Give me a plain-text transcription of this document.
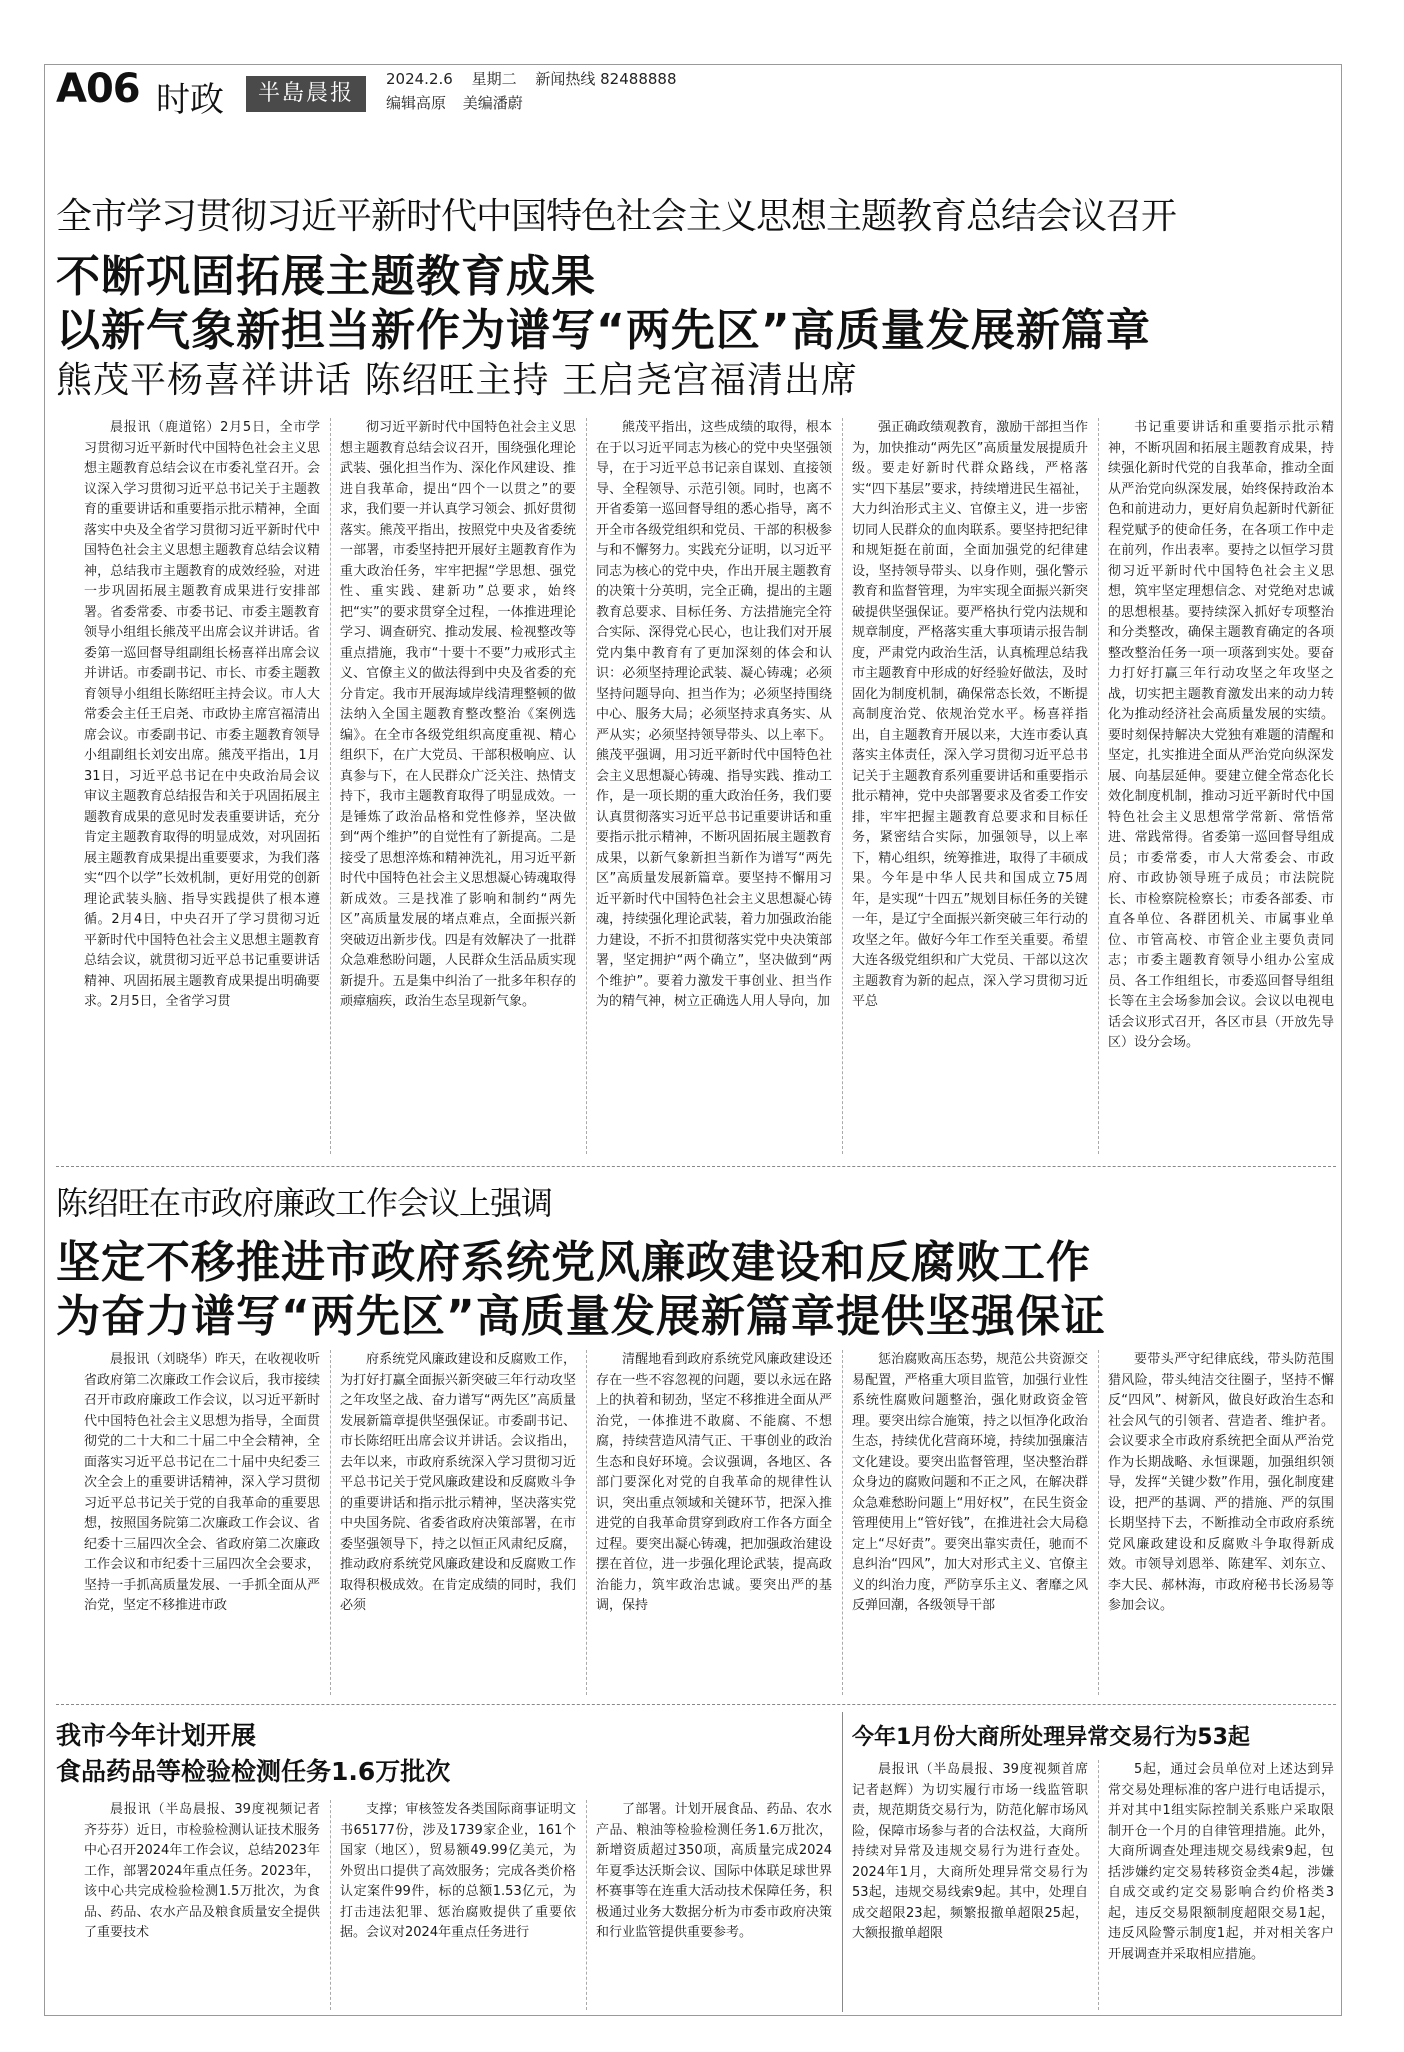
A06 时政	半島晨报
2024.2.6 星期二 新闻热线 82488888
编辑高原 美编潘蔚
全市学习贯彻习近平新时代中国特色社会主义思想主题教育总结会议召开
不断巩固拓展主题教育成果
以新气象新担当新作为谱写“两先区”高质量发展新篇章
熊茂平杨喜祥讲话 陈绍旺主持 王启尧宫福清出席

晨报讯（鹿道铭）2月5日，全市学习贯彻习近平新时代中国特色社会主义思想主题教育总结会议在市委礼堂召开。会议深入学习贯彻习近平总书记关于主题教育的重要讲话和重要指示批示精神，全面落实中央及全省学习贯彻习近平新时代中国特色社会主义思想主题教育总结会议精神，总结我市主题教育的成效经验，对进一步巩固拓展主题教育成果进行安排部署。省委常委、市委书记、市委主题教育领导小组组长熊茂平出席会议并讲话。省委第一巡回督导组副组长杨喜祥出席会议并讲话。市委副书记、市长、市委主题教育领导小组组长陈绍旺主持会议。市人大常委会主任王启尧、市政协主席宫福清出席会议。市委副书记、市委主题教育领导小组副组长刘安出席。熊茂平指出，1月31日，习近平总书记在中央政治局会议审议主题教育总结报告和关于巩固拓展主题教育成果的意见时发表重要讲话，充分肯定主题教育取得的明显成效，对巩固拓展主题教育成果提出重要要求，为我们落实“四个以学”长效机制，更好用党的创新理论武装头脑、指导实践提供了根本遵循。2月4日，中央召开了学习贯彻习近平新时代中国特色社会主义思想主题教育总结会议，就贯彻习近平总书记重要讲话精神、巩固拓展主题教育成果提出明确要求。2月5日，全省学习贯

彻习近平新时代中国特色社会主义思想主题教育总结会议召开，围绕强化理论武装、强化担当作为、深化作风建设、推进自我革命，提出“四个一以贯之”的要求，我们要一并认真学习领会、抓好贯彻落实。熊茂平指出，按照党中央及省委统一部署，市委坚持把开展好主题教育作为重大政治任务，牢牢把握“学思想、强党性、重实践、建新功”总要求，始终把“实”的要求贯穿全过程，一体推进理论学习、调查研究、推动发展、检视整改等重点措施，我市“十要十不要”力戒形式主义、官僚主义的做法得到中央及省委的充分肯定。我市开展海域岸线清理整顿的做法纳入全国主题教育整改整治《案例选编》。在全市各级党组织高度重视、精心组织下，在广大党员、干部积极响应、认真参与下，在人民群众广泛关注、热情支持下，我市主题教育取得了明显成效。一是锤炼了政治品格和党性修养，坚决做到“两个维护”的自觉性有了新提高。二是接受了思想淬炼和精神洗礼，用习近平新时代中国特色社会主义思想凝心铸魂取得新成效。三是找准了影响和制约“两先区”高质量发展的堵点难点，全面振兴新突破迈出新步伐。四是有效解决了一批群众急难愁盼问题，人民群众生活品质实现新提升。五是集中纠治了一批多年积存的顽瘴痼疾，政治生态呈现新气象。

熊茂平指出，这些成绩的取得，根本在于以习近平同志为核心的党中央坚强领导，在于习近平总书记亲自谋划、直接领导、全程领导、示范引领。同时，也离不开省委第一巡回督导组的悉心指导，离不开全市各级党组织和党员、干部的积极参与和不懈努力。实践充分证明，以习近平同志为核心的党中央，作出开展主题教育的决策十分英明，完全正确，提出的主题教育总要求、目标任务、方法措施完全符合实际、深得党心民心，也让我们对开展党内集中教育有了更加深刻的体会和认识：必须坚持理论武装、凝心铸魂；必须坚持问题导向、担当作为；必须坚持围绕中心、服务大局；必须坚持求真务实、从严从实；必须坚持领导带头、以上率下。熊茂平强调，用习近平新时代中国特色社会主义思想凝心铸魂、指导实践、推动工作，是一项长期的重大政治任务，我们要认真贯彻落实习近平总书记重要讲话和重要指示批示精神，不断巩固拓展主题教育成果，以新气象新担当新作为谱写“两先区”高质量发展新篇章。要坚持不懈用习近平新时代中国特色社会主义思想凝心铸魂，持续强化理论武装，着力加强政治能力建设，不折不扣贯彻落实党中央决策部署，坚定拥护“两个确立”，坚决做到“两个维护”。要着力激发干事创业、担当作为的精气神，树立正确选人用人导向，加

强正确政绩观教育，激励干部担当作为，加快推动“两先区”高质量发展提质升级。要走好新时代群众路线，严格落实“四下基层”要求，持续增进民生福祉，大力纠治形式主义、官僚主义，进一步密切同人民群众的血肉联系。要坚持把纪律和规矩挺在前面，全面加强党的纪律建设，坚持领导带头、以身作则，强化警示教育和监督管理，为牢实现全面振兴新突破提供坚强保证。要严格执行党内法规和规章制度，严格落实重大事项请示报告制度，严肃党内政治生活，认真梳理总结我市主题教育中形成的好经验好做法，及时固化为制度机制，确保常态长效，不断提高制度治党、依规治党水平。杨喜祥指出，自主题教育开展以来，大连市委认真落实主体责任，深入学习贯彻习近平总书记关于主题教育系列重要讲话和重要指示批示精神，党中央部署要求及省委工作安排，牢牢把握主题教育总要求和目标任务，紧密结合实际，加强领导，以上率下，精心组织，统筹推进，取得了丰硕成果。今年是中华人民共和国成立75周年，是实现“十四五”规划目标任务的关键一年，是辽宁全面振兴新突破三年行动的攻坚之年。做好今年工作至关重要。希望大连各级党组织和广大党员、干部以这次主题教育为新的起点，深入学习贯彻习近平总

书记重要讲话和重要指示批示精神，不断巩固和拓展主题教育成果，持续强化新时代党的自我革命，推动全面从严治党向纵深发展，始终保持政治本色和前进动力，更好肩负起新时代新征程党赋予的使命任务，在各项工作中走在前列，作出表率。要持之以恒学习贯彻习近平新时代中国特色社会主义思想，筑牢坚定理想信念、对党绝对忠诚的思想根基。要持续深入抓好专项整治和分类整改，确保主题教育确定的各项整改整治任务一项一项落到实处。要奋力打好打赢三年行动攻坚之年攻坚之战，切实把主题教育激发出来的动力转化为推动经济社会高质量发展的实绩。要时刻保持解决大党独有难题的清醒和坚定，扎实推进全面从严治党向纵深发展、向基层延伸。要建立健全常态化长效化制度机制，推动习近平新时代中国特色社会主义思想常学常新、常悟常进、常践常得。省委第一巡回督导组成员；市委常委，市人大常委会、市政府、市政协领导班子成员；市法院院长、市检察院检察长；市委各部委、市直各单位、各群团机关、市属事业单位、市管高校、市管企业主要负责同志；市委主题教育领导小组办公室成员、各工作组组长，市委巡回督导组组长等在主会场参加会议。会议以电视电话会议形式召开，各区市县（开放先导区）设分会场。

陈绍旺在市政府廉政工作会议上强调
坚定不移推进市政府系统党风廉政建设和反腐败工作
为奋力谱写“两先区”高质量发展新篇章提供坚强保证

晨报讯（刘晓华）昨天，在收视收听省政府第二次廉政工作会议后，我市接续召开市政府廉政工作会议，以习近平新时代中国特色社会主义思想为指导，全面贯彻党的二十大和二十届二中全会精神，全面落实习近平总书记在二十届中央纪委三次全会上的重要讲话精神，深入学习贯彻习近平总书记关于党的自我革命的重要思想，按照国务院第二次廉政工作会议、省纪委十三届四次全会、省政府第二次廉政工作会议和市纪委十三届四次全会要求，坚持一手抓高质量发展、一手抓全面从严治党，坚定不移推进市政

府系统党风廉政建设和反腐败工作，为打好打赢全面振兴新突破三年行动攻坚之年攻坚之战、奋力谱写“两先区”高质量发展新篇章提供坚强保证。市委副书记、市长陈绍旺出席会议并讲话。会议指出，去年以来，市政府系统深入学习贯彻习近平总书记关于党风廉政建设和反腐败斗争的重要讲话和指示批示精神，坚决落实党中央国务院、省委省政府决策部署，在市委坚强领导下，持之以恒正风肃纪反腐，推动政府系统党风廉政建设和反腐败工作取得积极成效。在肯定成绩的同时，我们必须

清醒地看到政府系统党风廉政建设还存在一些不容忽视的问题，要以永远在路上的执着和韧劲，坚定不移推进全面从严治党，一体推进不敢腐、不能腐、不想腐，持续营造风清气正、干事创业的政治生态和良好环境。会议强调，各地区、各部门要深化对党的自我革命的规律性认识，突出重点领域和关键环节，把深入推进党的自我革命贯穿到政府工作各方面全过程。要突出凝心铸魂，把加强政治建设摆在首位，进一步强化理论武装，提高政治能力，筑牢政治忠诚。要突出严的基调，保持

惩治腐败高压态势，规范公共资源交易配置，严格重大项目监管，加强行业性系统性腐败问题整治，强化财政资金管理。要突出综合施策，持之以恒净化政治生态，持续优化营商环境，持续加强廉洁文化建设。要突出监督管理，坚决整治群众身边的腐败问题和不正之风，在解决群众急难愁盼问题上“用好权”，在民生资金管理使用上“管好钱”，在推进社会大局稳定上“尽好责”。要突出靠实责任，驰而不息纠治“四风”，加大对形式主义、官僚主义的纠治力度，严防享乐主义、奢靡之风反弹回潮，各级领导干部

要带头严守纪律底线，带头防范围猎风险，带头纯洁交往圈子，坚持不懈反“四风”、树新风，做良好政治生态和社会风气的引领者、营造者、维护者。会议要求全市政府系统把全面从严治党作为长期战略、永恒课题，加强组织领导，发挥“关键少数”作用，强化制度建设，把严的基调、严的措施、严的氛围长期坚持下去，不断推动全市政府系统党风廉政建设和反腐败斗争取得新成效。市领导刘恩举、陈建军、刘东立、李大民、郝林海，市政府秘书长汤易等参加会议。

我市今年计划开展
食品药品等检验检测任务1.6万批次

晨报讯（半岛晨报、39度视频记者齐芬芬）近日，市检验检测认证技术服务中心召开2024年工作会议，总结2023年工作，部署2024年重点任务。2023年，该中心共完成检验检测1.5万批次，为食品、药品、农水产品及粮食质量安全提供了重要技术

支撑；审核签发各类国际商事证明文书65177份，涉及1739家企业，161个国家（地区），贸易额49.99亿美元，为外贸出口提供了高效服务；完成各类价格认定案件99件，标的总额1.53亿元，为打击违法犯罪、惩治腐败提供了重要依据。会议对2024年重点任务进行

了部署。计划开展食品、药品、农水产品、粮油等检验检测任务1.6万批次，新增资质超过350项，高质量完成2024年夏季达沃斯会议、国际中体联足球世界杯赛事等在连重大活动技术保障任务，积极通过业务大数据分析为市委市政府决策和行业监管提供重要参考。

今年1月份大商所处理异常交易行为53起

晨报讯（半岛晨报、39度视频首席记者赵辉）为切实履行市场一线监管职责，规范期货交易行为，防范化解市场风险，保障市场参与者的合法权益，大商所持续对异常及违规交易行为进行查处。2024年1月，大商所处理异常交易行为53起，违规交易线索9起。其中，处理自成交超限23起，频繁报撤单超限25起，大额报撤单超限

5起，通过会员单位对上述达到异常交易处理标准的客户进行电话提示，并对其中1组实际控制关系账户采取限制开仓一个月的自律管理措施。此外，大商所调查处理违规交易线索9起，包括涉嫌约定交易转移资金类4起，涉嫌自成交或约定交易影响合约价格类3起，违反交易限额制度超限交易1起，违反风险警示制度1起，并对相关客户开展调查并采取相应措施。
